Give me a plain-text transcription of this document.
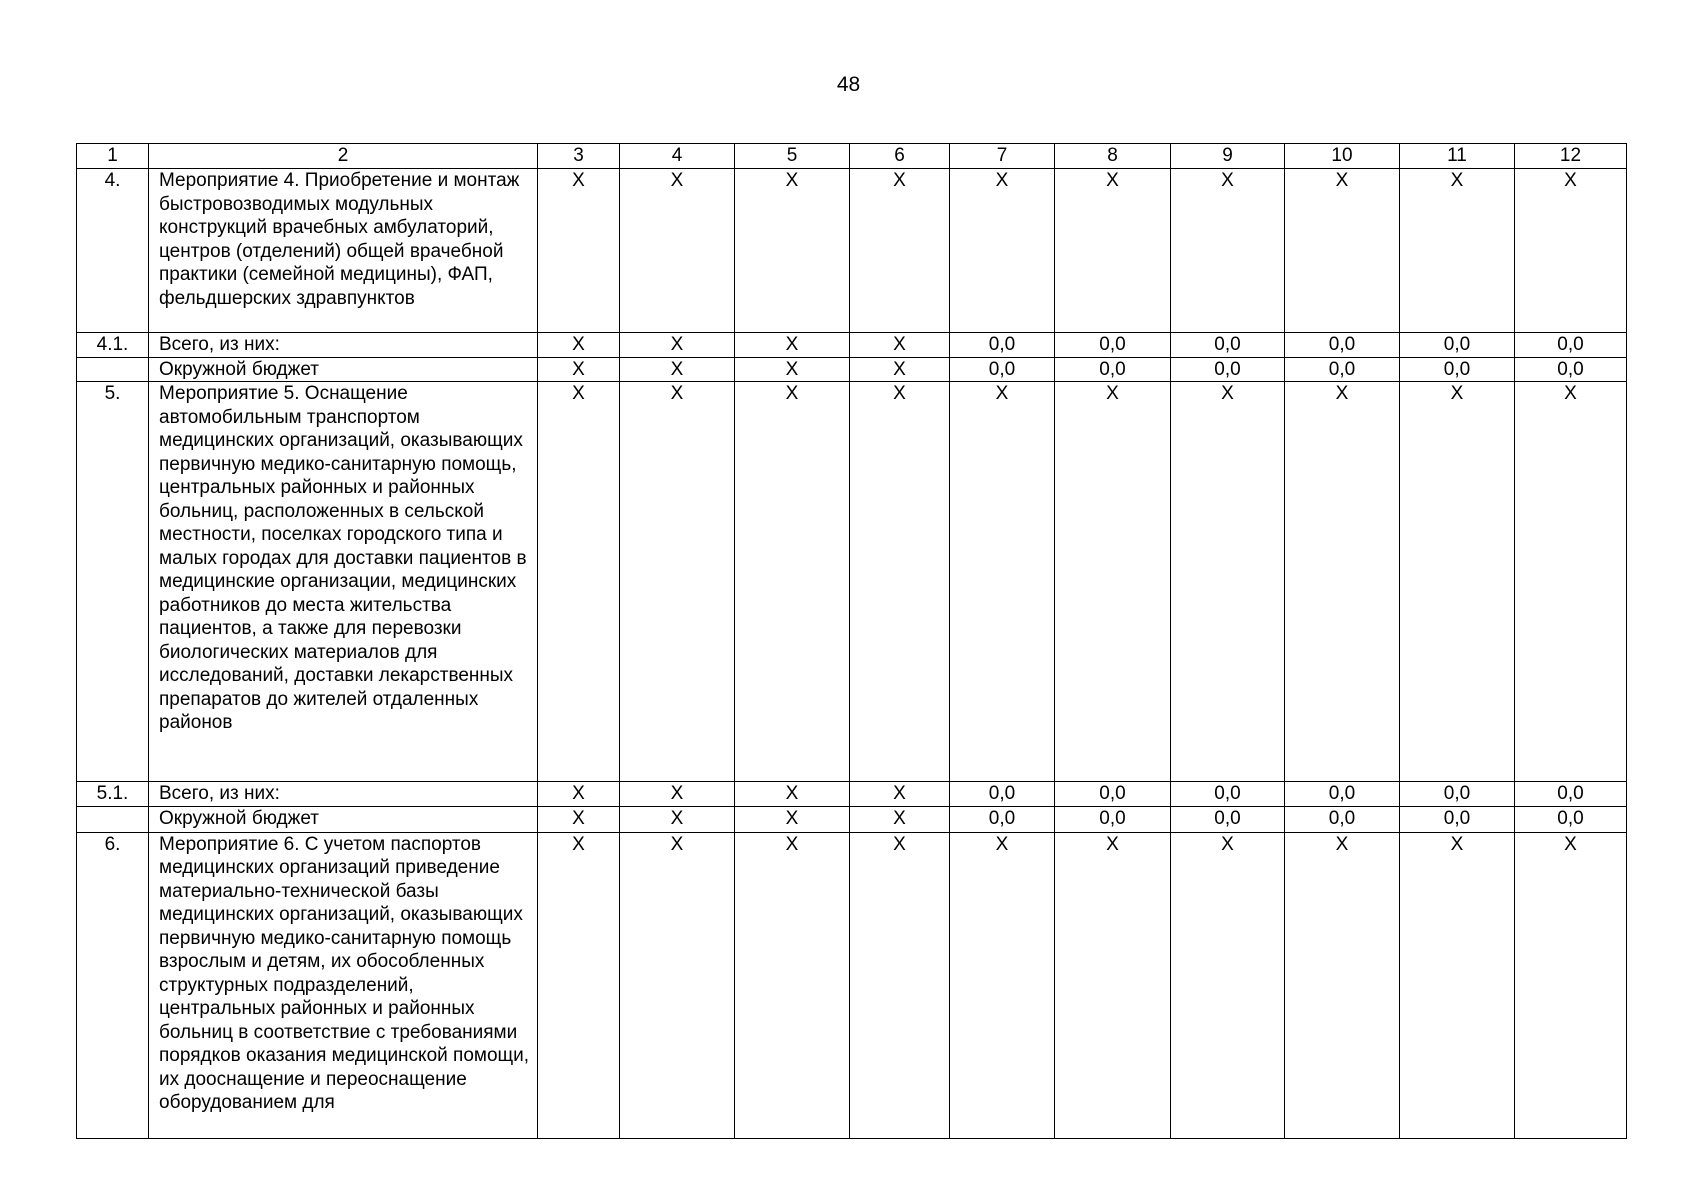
48
1	2	3	4	5	6	7	8	9	10	11	12
4.	Мероприятие 4. Приобретение и монтаж быстровозводимых модульных конструкций врачебных амбулаторий, центров (отделений) общей врачебной практики (семейной медицины), ФАП, фельдшерских здравпунктов	X	X	X	X	X	X	X	X	X	X
4.1.	Всего, из них:	X	X	X	X	0,0	0,0	0,0	0,0	0,0	0,0
	Окружной бюджет	X	X	X	X	0,0	0,0	0,0	0,0	0,0	0,0
5.	Мероприятие 5. Оснащение автомобильным транспортом медицинских организаций, оказывающих первичную медико-санитарную помощь, центральных районных и районных больниц, расположенных в сельской местности, поселках городского типа и малых городах для доставки пациентов в медицинские организации, медицинских работников до места жительства пациентов, а также для перевозки биологических материалов для исследований, доставки лекарственных препаратов до жителей отдаленных районов	X	X	X	X	X	X	X	X	X	X
5.1.	Всего, из них:	X	X	X	X	0,0	0,0	0,0	0,0	0,0	0,0
	Окружной бюджет	X	X	X	X	0,0	0,0	0,0	0,0	0,0	0,0
6.	Мероприятие 6. С учетом паспортов медицинских организаций приведение материально-технической базы медицинских организаций, оказывающих первичную медико-санитарную помощь взрослым и детям, их обособленных структурных подразделений, центральных районных и районных больниц в соответствие с требованиями порядков оказания медицинской помощи, их дооснащение и переоснащение оборудованием для	X	X	X	X	X	X	X	X	X	X
